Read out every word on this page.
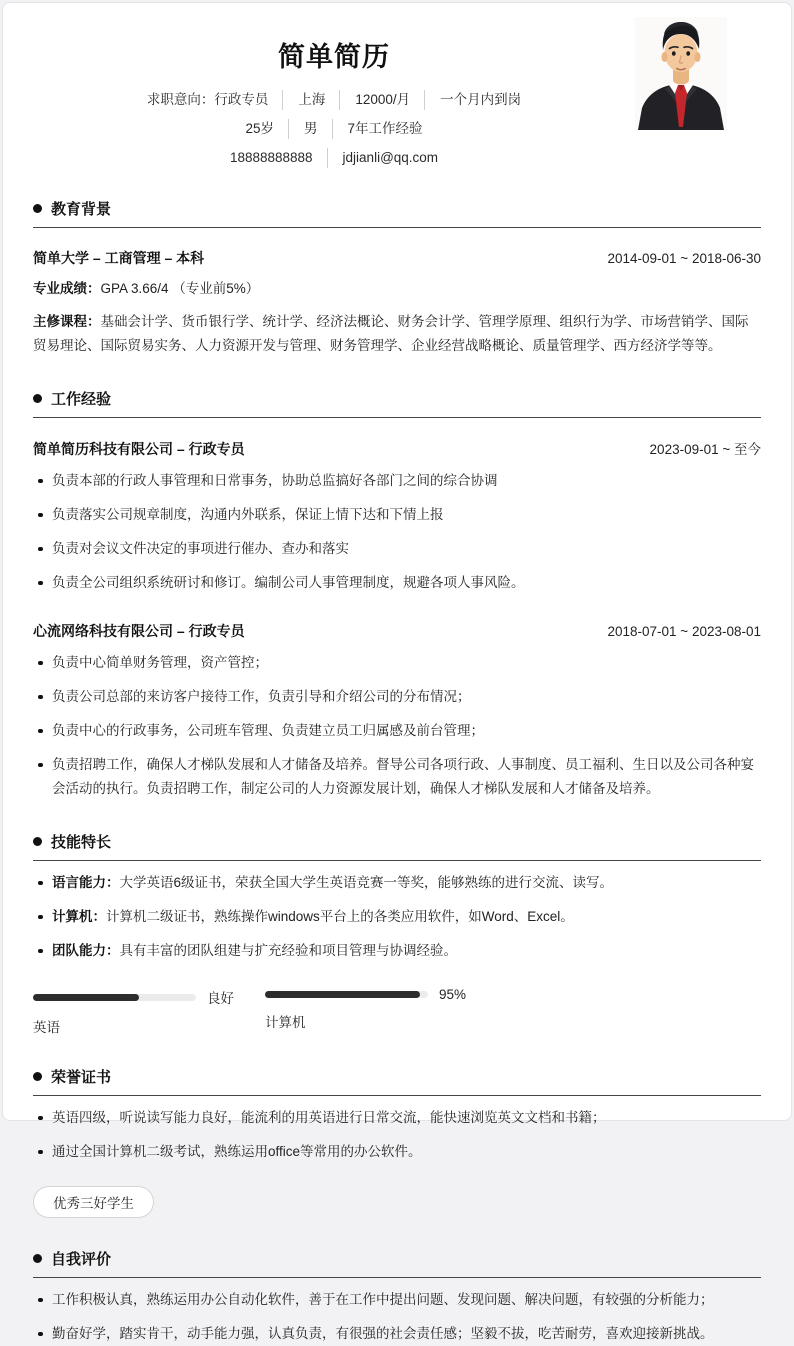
简单简历
求职意向：行政专员 上海 12000/月 一个月内到岗
25岁 男 7年工作经验
18888888888 jdjianli@qq.com
教育背景
简单大学 – 工商管理 – 本科	2014-09-01 ~ 2018-06-30

专业成绩：GPA 3.66/4 （专业前5%）

主修课程：基础会计学、货币银行学、统计学、经济法概论、财务会计学、管理学原理、组织行为学、市场营销学、国际贸易理论、国际贸易实务、人力资源开发与管理、财务管理学、企业经营战略概论、质量管理学、西方经济学等等。

工作经验
简单简历科技有限公司 – 行政专员	2023-09-01 ~ 至今
负责本部的行政人事管理和日常事务，协助总监搞好各部门之间的综合协调
负责落实公司规章制度，沟通内外联系，保证上情下达和下情上报
负责对会议文件决定的事项进行催办、查办和落实
负责全公司组织系统研讨和修订。编制公司人事管理制度，规避各项人事风险。
心流网络科技有限公司 – 行政专员	2018-07-01 ~ 2023-08-01
负责中心简单财务管理，资产管控；
负责公司总部的来访客户接待工作，负责引导和介绍公司的分布情况；
负责中心的行政事务，公司班车管理、负责建立员工归属感及前台管理；
负责招聘工作，确保人才梯队发展和人才储备及培养。督导公司各项行政、人事制度、员工福利、生日以及公司各种宴会活动的执行。负责招聘工作，制定公司的人力资源发展计划，确保人才梯队发展和人才储备及培养。
技能特长
语言能力：大学英语6级证书，荣获全国大学生英语竞赛一等奖，能够熟练的进行交流、读写。
计算机：计算机二级证书，熟练操作windows平台上的各类应用软件，如Word、Excel。
团队能力：具有丰富的团队组建与扩充经验和项目管理与协调经验。
良好
英语
95%
计算机
荣誉证书
英语四级，听说读写能力良好，能流利的用英语进行日常交流，能快速浏览英文文档和书籍；
通过全国计算机二级考试，熟练运用office等常用的办公软件。
优秀三好学生
自我评价
工作积极认真，熟练运用办公自动化软件，善于在工作中提出问题、发现问题、解决问题，有较强的分析能力；
勤奋好学，踏实肯干，动手能力强，认真负责，有很强的社会责任感；坚毅不拔，吃苦耐劳，喜欢迎接新挑战。
